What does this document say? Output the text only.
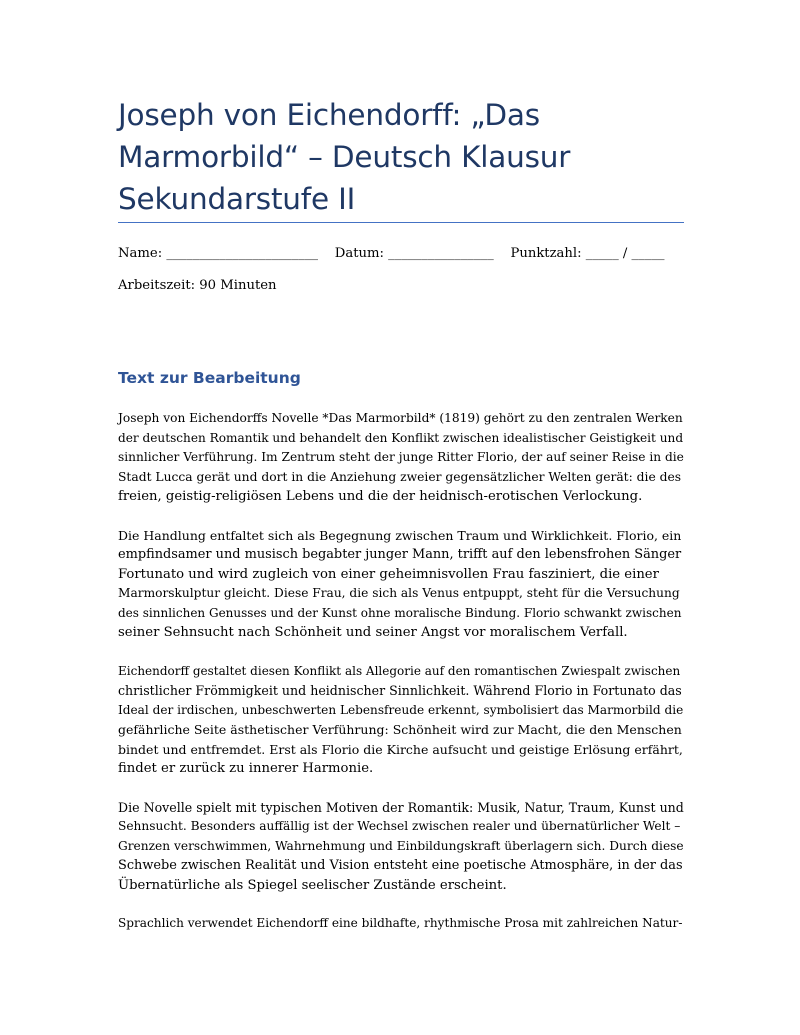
Joseph von Eichendorff: „Das
Marmorbild“ – Deutsch Klausur
Sekundarstufe II
Name: _______________________ Datum: ________________ Punktzahl: _____ / _____
Arbeitszeit: 90 Minuten
Text zur Bearbeitung

Joseph von Eichendorffs Novelle *Das Marmorbild* (1819) gehört zu den zentralen Werken
der deutschen Romantik und behandelt den Konflikt zwischen idealistischer Geistigkeit und
sinnlicher Verführung. Im Zentrum steht der junge Ritter Florio, der auf seiner Reise in die
Stadt Lucca gerät und dort in die Anziehung zweier gegensätzlicher Welten gerät: die des
freien, geistig-religiösen Lebens und die der heidnisch-erotischen Verlockung.

Die Handlung entfaltet sich als Begegnung zwischen Traum und Wirklichkeit. Florio, ein
empfindsamer und musisch begabter junger Mann, trifft auf den lebensfrohen Sänger
Fortunato und wird zugleich von einer geheimnisvollen Frau fasziniert, die einer
Marmorskulptur gleicht. Diese Frau, die sich als Venus entpuppt, steht für die Versuchung
des sinnlichen Genusses und der Kunst ohne moralische Bindung. Florio schwankt zwischen
seiner Sehnsucht nach Schönheit und seiner Angst vor moralischem Verfall.

Eichendorff gestaltet diesen Konflikt als Allegorie auf den romantischen Zwiespalt zwischen
christlicher Frömmigkeit und heidnischer Sinnlichkeit. Während Florio in Fortunato das
Ideal der irdischen, unbeschwerten Lebensfreude erkennt, symbolisiert das Marmorbild die
gefährliche Seite ästhetischer Verführung: Schönheit wird zur Macht, die den Menschen
bindet und entfremdet. Erst als Florio die Kirche aufsucht und geistige Erlösung erfährt,
findet er zurück zu innerer Harmonie.

Die Novelle spielt mit typischen Motiven der Romantik: Musik, Natur, Traum, Kunst und
Sehnsucht. Besonders auffällig ist der Wechsel zwischen realer und übernatürlicher Welt –
Grenzen verschwimmen, Wahrnehmung und Einbildungskraft überlagern sich. Durch diese
Schwebe zwischen Realität und Vision entsteht eine poetische Atmosphäre, in der das
Übernatürliche als Spiegel seelischer Zustände erscheint.

Sprachlich verwendet Eichendorff eine bildhafte, rhythmische Prosa mit zahlreichen Natur-
